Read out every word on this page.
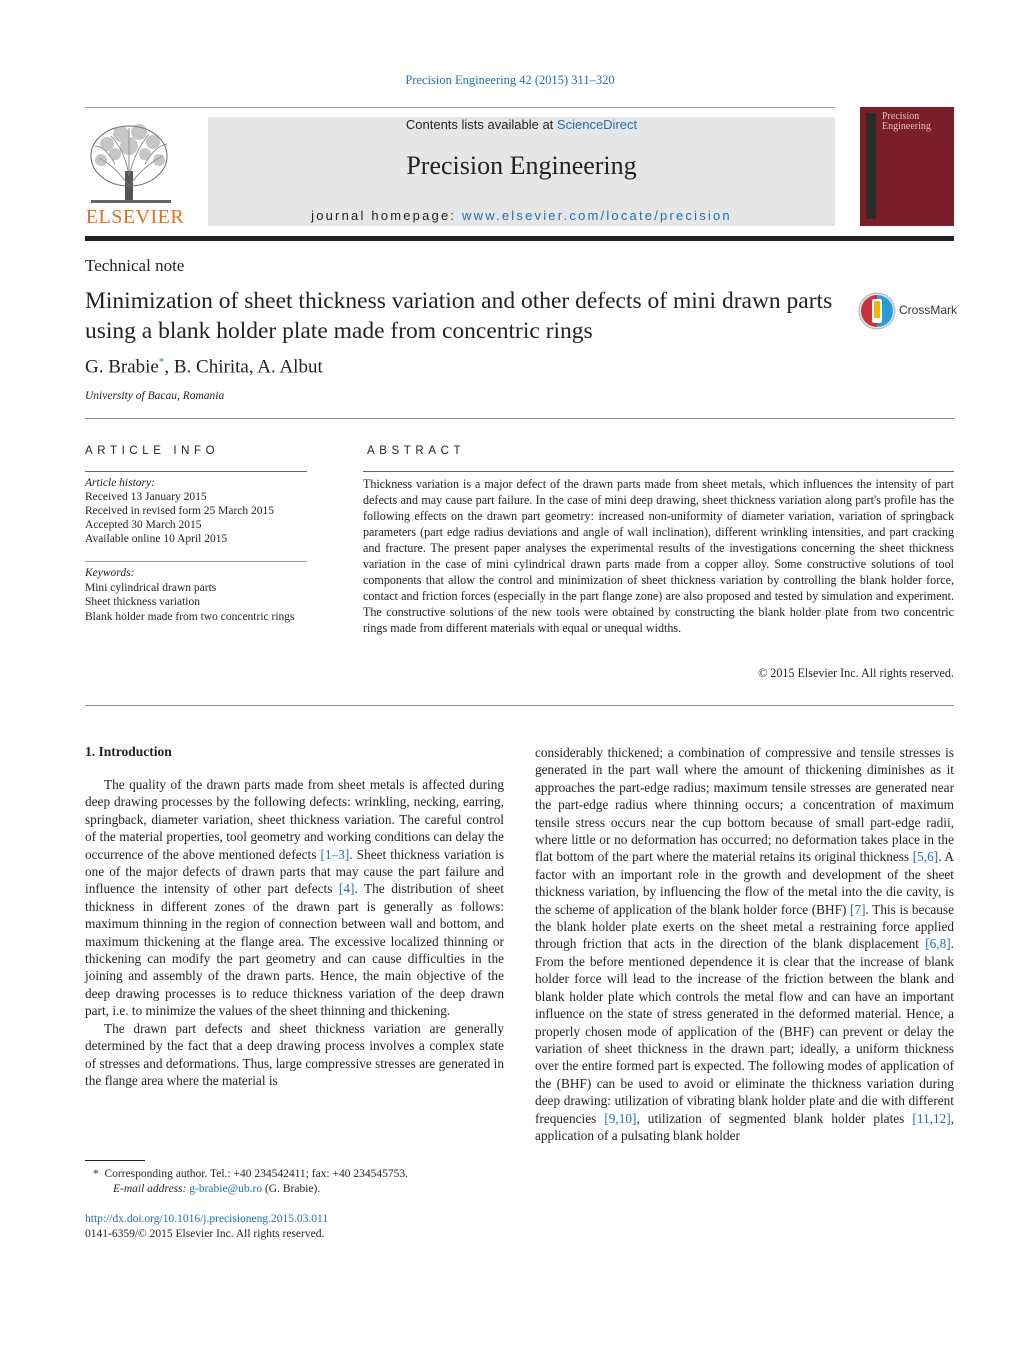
Precision Engineering 42 (2015) 311–320
ELSEVIER
Contents lists available at ScienceDirect
Precision Engineering
journal homepage: www.elsevier.com/locate/precision
Precision
Engineering
Technical note
Minimization of sheet thickness variation and other defects of mini drawn parts using a blank holder plate made from concentric rings
CrossMark
G. Brabie*, B. Chirita, A. Albut
University of Bacau, Romania
ARTICLE INFO	ABSTRACT
Article history:
Received 13 January 2015
Received in revised form 25 March 2015
Accepted 30 March 2015
Available online 10 April 2015
Keywords:
Mini cylindrical drawn parts
Sheet thickness variation
Blank holder made from two concentric rings
Thickness variation is a major defect of the drawn parts made from sheet metals, which influences the intensity of part defects and may cause part failure. In the case of mini deep drawing, sheet thickness variation along part's profile has the following effects on the drawn part geometry: increased non-uniformity of diameter variation, variation of springback parameters (part edge radius deviations and angle of wall inclination), different wrinkling intensities, and part cracking and fracture. The present paper analyses the experimental results of the investigations concerning the sheet thickness variation in the case of mini cylindrical drawn parts made from a copper alloy. Some constructive solutions of tool components that allow the control and minimization of sheet thickness variation by controlling the blank holder force, contact and friction forces (especially in the part flange zone) are also proposed and tested by simulation and experiment. The constructive solutions of the new tools were obtained by constructing the blank holder plate from two concentric rings made from different materials with equal or unequal widths.
© 2015 Elsevier Inc. All rights reserved.
1. Introduction

The quality of the drawn parts made from sheet metals is affected during deep drawing processes by the following defects: wrinkling, necking, earring, springback, diameter variation, sheet thickness variation. The careful control of the material properties, tool geometry and working conditions can delay the occurrence of the above mentioned defects [1–3]. Sheet thickness variation is one of the major defects of drawn parts that may cause the part failure and influence the intensity of other part defects [4]. The distribution of sheet thickness in different zones of the drawn part is generally as follows: maximum thinning in the region of connection between wall and bottom, and maximum thickening at the flange area. The excessive localized thinning or thickening can modify the part geometry and can cause difficulties in the joining and assembly of the drawn parts. Hence, the main objective of the deep drawing processes is to reduce thickness variation of the deep drawn part, i.e. to minimize the values of the sheet thinning and thickening.

The drawn part defects and sheet thickness variation are generally determined by the fact that a deep drawing process involves a complex state of stresses and deformations. Thus, large compressive stresses are generated in the flange area where the material is

considerably thickened; a combination of compressive and tensile stresses is generated in the part wall where the amount of thickening diminishes as it approaches the part-edge radius; maximum tensile stresses are generated near the part-edge radius where thinning occurs; a concentration of maximum tensile stress occurs near the cup bottom because of small part-edge radii, where little or no deformation has occurred; no deformation takes place in the flat bottom of the part where the material retains its original thickness [5,6]. A factor with an important role in the growth and development of the sheet thickness variation, by influencing the flow of the metal into the die cavity, is the scheme of application of the blank holder force (BHF) [7]. This is because the blank holder plate exerts on the sheet metal a restraining force applied through friction that acts in the direction of the blank displacement [6,8]. From the before mentioned dependence it is clear that the increase of blank holder force will lead to the increase of the friction between the blank and blank holder plate which controls the metal flow and can have an important influence on the state of stress generated in the deformed material. Hence, a properly chosen mode of application of the (BHF) can prevent or delay the variation of sheet thickness in the drawn part; ideally, a uniform thickness over the entire formed part is expected. The following modes of application of the (BHF) can be used to avoid or eliminate the thickness variation during deep drawing: utilization of vibrating blank holder plate and die with different frequencies [9,10], utilization of segmented blank holder plates [11,12], application of a pulsating blank holder

* Corresponding author. Tel.: +40 234542411; fax: +40 234545753.
E-mail address: g-brabie@ub.ro (G. Brabie).
http://dx.doi.org/10.1016/j.precisioneng.2015.03.011
0141-6359/© 2015 Elsevier Inc. All rights reserved.
